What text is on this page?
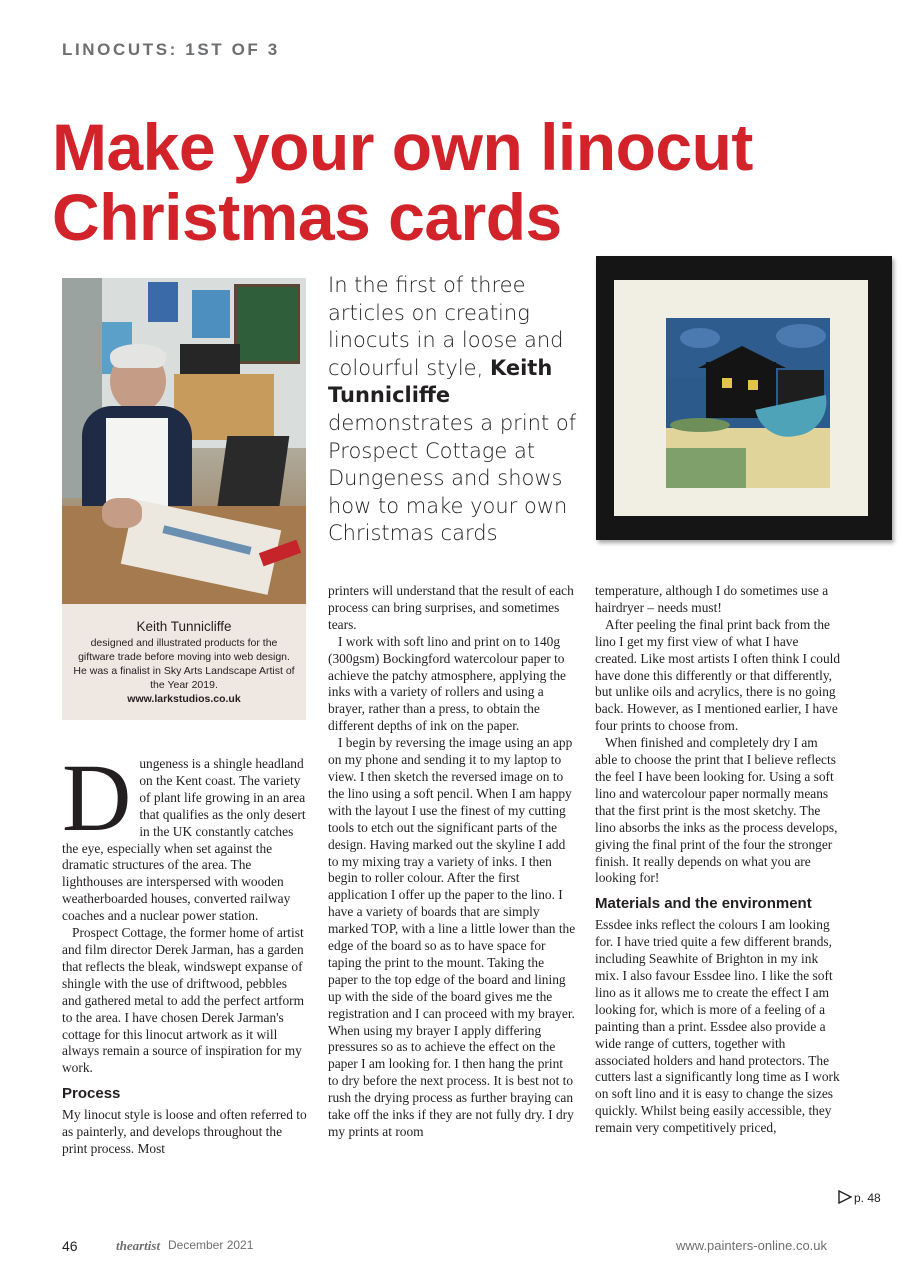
LINOCUTS: 1ST OF 3
Make your own linocut
Christmas cards
Keith Tunnicliffe
designed and illustrated products for the giftware trade before moving into web design. He was a finalist in Sky Arts Landscape Artist of the Year 2019.
www.larkstudios.co.uk
In the first of three articles on creating linocuts in a loose and colourful style, Keith Tunnicliffe demonstrates a print of Prospect Cottage at Dungeness and shows how to make your own Christmas cards

Dungeness is a shingle headland on the Kent coast. The variety of plant life growing in an area that qualifies as the only desert in the UK constantly catches the eye, especially when set against the dramatic structures of the area. The lighthouses are interspersed with wooden weatherboarded houses, converted railway coaches and a nuclear power station.

Prospect Cottage, the former home of artist and film director Derek Jarman, has a garden that reflects the bleak, windswept expanse of shingle with the use of driftwood, pebbles and gathered metal to add the perfect artform to the area. I have chosen Derek Jarman's cottage for this linocut artwork as it will always remain a source of inspiration for my work.

Process

My linocut style is loose and often referred to as painterly, and develops throughout the print process. Most

printers will understand that the result of each process can bring surprises, and sometimes tears.

I work with soft lino and print on to 140g (300gsm) Bockingford watercolour paper to achieve the patchy atmosphere, applying the inks with a variety of rollers and using a brayer, rather than a press, to obtain the different depths of ink on the paper.

I begin by reversing the image using an app on my phone and sending it to my laptop to view. I then sketch the reversed image on to the lino using a soft pencil. When I am happy with the layout I use the finest of my cutting tools to etch out the significant parts of the design. Having marked out the skyline I add to my mixing tray a variety of inks. I then begin to roller colour. After the first application I offer up the paper to the lino. I have a variety of boards that are simply marked TOP, with a line a little lower than the edge of the board so as to have space for taping the print to the mount. Taking the paper to the top edge of the board and lining up with the side of the board gives me the registration and I can proceed with my brayer. When using my brayer I apply differing pressures so as to achieve the effect on the paper I am looking for. I then hang the print to dry before the next process. It is best not to rush the drying process as further braying can take off the inks if they are not fully dry. I dry my prints at room

temperature, although I do sometimes use a hairdryer – needs must!

After peeling the final print back from the lino I get my first view of what I have created. Like most artists I often think I could have done this differently or that differently, but unlike oils and acrylics, there is no going back. However, as I mentioned earlier, I have four prints to choose from.

When finished and completely dry I am able to choose the print that I believe reflects the feel I have been looking for. Using a soft lino and watercolour paper normally means that the first print is the most sketchy. The lino absorbs the inks as the process develops, giving the final print of the four the stronger finish. It really depends on what you are looking for!

Materials and the environment

Essdee inks reflect the colours I am looking for. I have tried quite a few different brands, including Seawhite of Brighton in my ink mix. I also favour Essdee lino. I like the soft lino as it allows me to create the effect I am looking for, which is more of a feeling of a painting than a print. Essdee also provide a wide range of cutters, together with associated holders and hand protectors. The cutters last a significantly long time as I work on soft lino and it is easy to change the sizes quickly. Whilst being easily accessible, they remain very competitively priced,

p. 48
46	theartist December 2021	www.painters-online.co.uk
